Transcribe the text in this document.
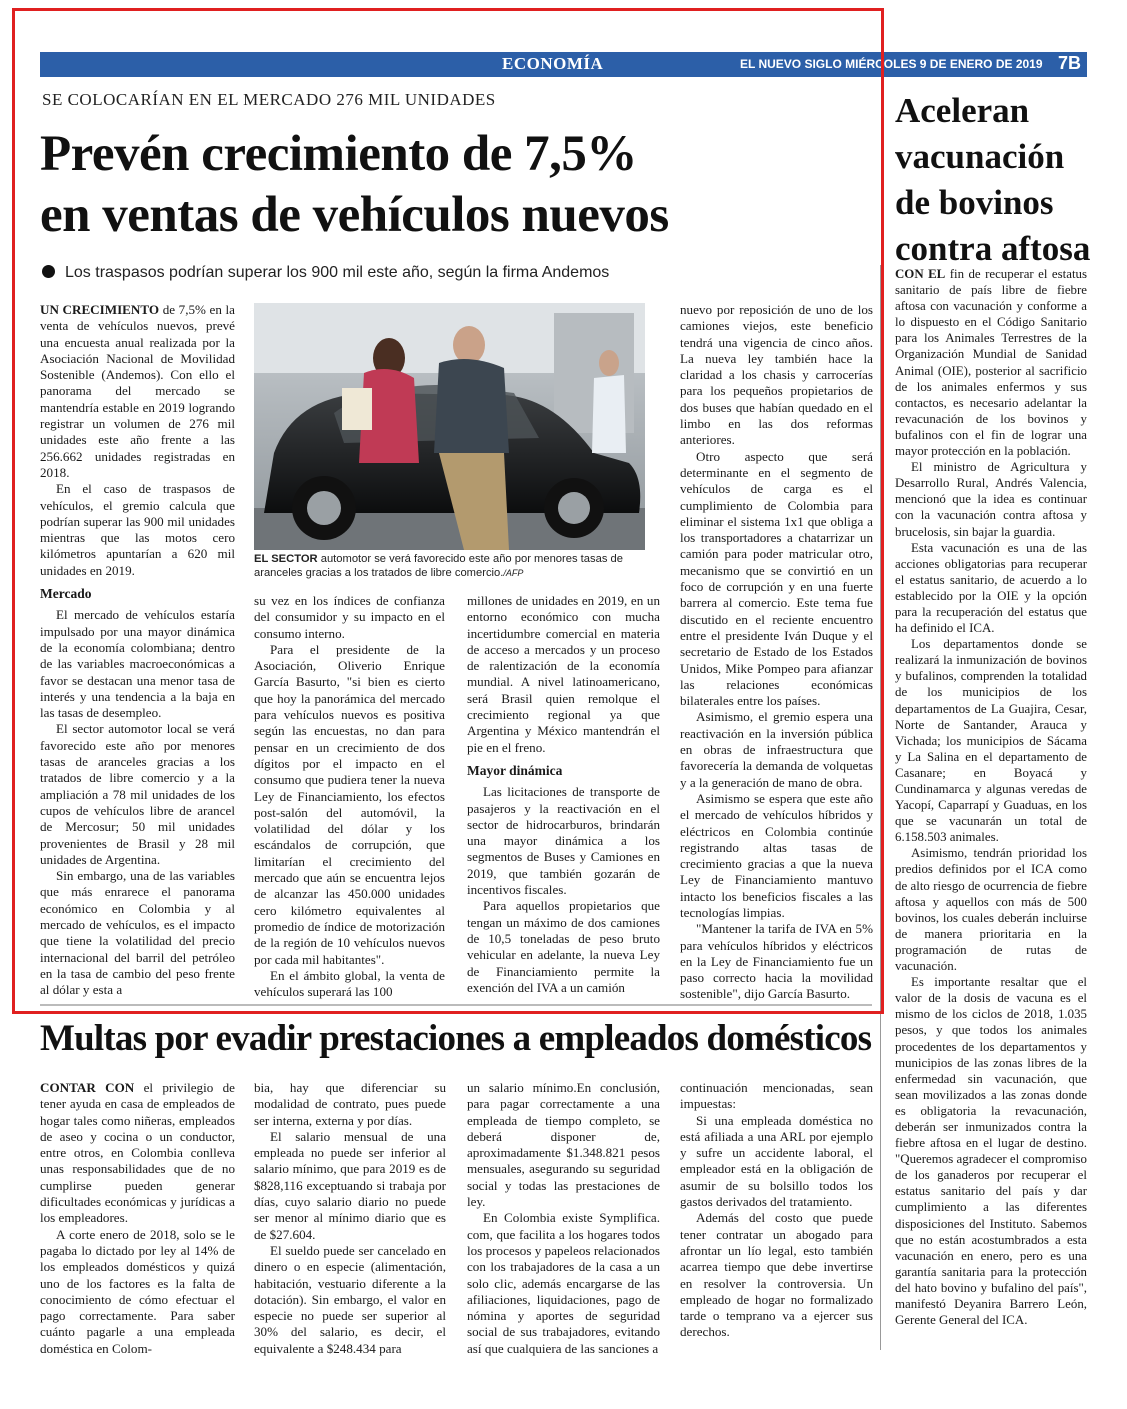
ECONOMÍA	EL NUEVO SIGLO MIÉRCOLES 9 DE ENERO DE 2019 7B
SE COLOCARÍAN EN EL MERCADO 276 MIL UNIDADES
Prevén crecimiento de 7,5%
en ventas de vehículos nuevos
Los traspasos podrían superar los 900 mil este año, según la firma Andemos

UN CRECIMIENTO de 7,5% en la venta de vehículos nuevos, prevé una encuesta anual realizada por la Asociación Nacional de Movilidad Sostenible (Andemos). Con ello el panorama del mercado se mantendría estable en 2019 logrando registrar un volumen de 276 mil unidades este año frente a las 256.662 unidades registradas en 2018.

En el caso de traspasos de vehículos, el gremio calcula que podrían superar las 900 mil unidades mientras que las motos cero kilómetros apuntarían a 620 mil unidades en 2019.

Mercado

El mercado de vehículos estaría impulsado por una mayor dinámica de la economía colombiana; dentro de las variables macroeconómicas a favor se destacan una menor tasa de interés y una tendencia a la baja en las tasas de desempleo.

El sector automotor local se verá favorecido este año por menores tasas de aranceles gracias a los tratados de libre comercio y a la ampliación a 78 mil unidades de los cupos de vehículos libre de arancel de Mercosur; 50 mil unidades provenientes de Brasil y 28 mil unidades de Argentina.

Sin embargo, una de las variables que más enrarece el panorama económico en Colombia y al mercado de vehículos, es el impacto que tiene la volatilidad del precio internacional del barril del petróleo en la tasa de cambio del peso frente al dólar y esta a

EL SECTOR automotor se verá favorecido este año por menores tasas de aranceles gracias a los tratados de libre comercio./AFP

su vez en los índices de confianza del consumidor y su impacto en el consumo interno.

Para el presidente de la Asociación, Oliverio Enrique García Basurto, "si bien es cierto que hoy la panorámica del mercado para vehículos nuevos es positiva según las encuestas, no dan para pensar en un crecimiento de dos dígitos por el impacto en el consumo que pudiera tener la nueva Ley de Financiamiento, los efectos post-salón del automóvil, la volatilidad del dólar y los escándalos de corrupción, que limitarían el crecimiento del mercado que aún se encuentra lejos de alcanzar las 450.000 unidades cero kilómetro equivalentes al promedio de índice de motorización de la región de 10 vehículos nuevos por cada mil habitantes".

En el ámbito global, la venta de vehículos superará las 100

millones de unidades en 2019, en un entorno económico con mucha incertidumbre comercial en materia de acceso a mercados y un proceso de ralentización de la economía mundial. A nivel latinoamericano, será Brasil quien remolque el crecimiento regional ya que Argentina y México mantendrán el pie en el freno.

Mayor dinámica

Las licitaciones de transporte de pasajeros y la reactivación en el sector de hidrocarburos, brindarán una mayor dinámica a los segmentos de Buses y Camiones en 2019, que también gozarán de incentivos fiscales.

Para aquellos propietarios que tengan un máximo de dos camiones de 10,5 toneladas de peso bruto vehicular en adelante, la nueva Ley de Financiamiento permite la exención del IVA a un camión

nuevo por reposición de uno de los camiones viejos, este beneficio tendrá una vigencia de cinco años. La nueva ley también hace la claridad a los chasis y carrocerías para los pequeños propietarios de dos buses que habían quedado en el limbo en las dos reformas anteriores.

Otro aspecto que será determinante en el segmento de vehículos de carga es el cumplimiento de Colombia para eliminar el sistema 1x1 que obliga a los transportadores a chatarrizar un camión para poder matricular otro, mecanismo que se convirtió en un foco de corrupción y en una fuerte barrera al comercio. Este tema fue discutido en el reciente encuentro entre el presidente Iván Duque y el secretario de Estado de los Estados Unidos, Mike Pompeo para afianzar las relaciones económicas bilaterales entre los países.

Asimismo, el gremio espera una reactivación en la inversión pública en obras de infraestructura que favorecería la demanda de volquetas y a la generación de mano de obra.

Asimismo se espera que este año el mercado de vehículos híbridos y eléctricos en Colombia continúe registrando altas tasas de crecimiento gracias a que la nueva Ley de Financiamiento mantuvo intacto los beneficios fiscales a las tecnologías limpias.

"Mantener la tarifa de IVA en 5% para vehículos híbridos y eléctricos en la Ley de Financiamiento fue un paso correcto hacia la movilidad sostenible", dijo García Basurto.

Aceleran vacunación de bovinos contra aftosa

CON EL fin de recuperar el estatus sanitario de país libre de fiebre aftosa con vacunación y conforme a lo dispuesto en el Código Sanitario para los Animales Terrestres de la Organización Mundial de Sanidad Animal (OIE), posterior al sacrificio de los animales enfermos y sus contactos, es necesario adelantar la revacunación de los bovinos y bufalinos con el fin de lograr una mayor protección en la población.

El ministro de Agricultura y Desarrollo Rural, Andrés Valencia, mencionó que la idea es continuar con la vacunación contra aftosa y brucelosis, sin bajar la guardia.

Esta vacunación es una de las acciones obligatorias para recuperar el estatus sanitario, de acuerdo a lo establecido por la OIE y la opción para la recuperación del estatus que ha definido el ICA.

Los departamentos donde se realizará la inmunización de bovinos y bufalinos, comprenden la totalidad de los municipios de los departamentos de La Guajira, Cesar, Norte de Santander, Arauca y Vichada; los municipios de Sácama y La Salina en el departamento de Casanare; en Boyacá y Cundinamarca y algunas veredas de Yacopí, Caparrapí y Guaduas, en los que se vacunarán un total de 6.158.503 animales.

Asimismo, tendrán prioridad los predios definidos por el ICA como de alto riesgo de ocurrencia de fiebre aftosa y aquellos con más de 500 bovinos, los cuales deberán incluirse de manera prioritaria en la programación de rutas de vacunación.

Es importante resaltar que el valor de la dosis de vacuna es el mismo de los ciclos de 2018, 1.035 pesos, y que todos los animales procedentes de los departamentos y municipios de las zonas libres de la enfermedad sin vacunación, que sean movilizados a las zonas donde es obligatoria la revacunación, deberán ser inmunizados contra la fiebre aftosa en el lugar de destino. "Queremos agradecer el compromiso de los ganaderos por recuperar el estatus sanitario del país y dar cumplimiento a las diferentes disposiciones del Instituto. Sabemos que no están acostumbrados a esta vacunación en enero, pero es una garantía sanitaria para la protección del hato bovino y bufalino del país", manifestó Deyanira Barrero León, Gerente General del ICA.

Multas por evadir prestaciones a empleados domésticos

CONTAR CON el privilegio de tener ayuda en casa de empleados de hogar tales como niñeras, empleados de aseo y cocina o un conductor, entre otros, en Colombia conlleva unas responsabilidades que de no cumplirse pueden generar dificultades económicas y jurídicas a los empleadores.

A corte enero de 2018, solo se le pagaba lo dictado por ley al 14% de los empleados domésticos y quizá uno de los factores es la falta de conocimiento de cómo efectuar el pago correctamente. Para saber cuánto pagarle a una empleada doméstica en Colom-

bia, hay que diferenciar su modalidad de contrato, pues puede ser interna, externa y por días.

El salario mensual de una empleada no puede ser inferior al salario mínimo, que para 2019 es de $828,116 exceptuando si trabaja por días, cuyo salario diario no puede ser menor al mínimo diario que es de $27.604.

El sueldo puede ser cancelado en dinero o en especie (alimentación, habitación, vestuario diferente a la dotación). Sin embargo, el valor en especie no puede ser superior al 30% del salario, es decir, el equivalente a $248.434 para

un salario mínimo.En conclusión, para pagar correctamente a una empleada de tiempo completo, se deberá disponer de, aproximadamente $1.348.821 pesos mensuales, asegurando su seguridad social y todas las prestaciones de ley.

En Colombia existe Symplifica. com, que facilita a los hogares todos los procesos y papeleos relacionados con los trabajadores de la casa a un solo clic, además encargarse de las afiliaciones, liquidaciones, pago de nómina y aportes de seguridad social de sus trabajadores, evitando así que cualquiera de las sanciones a

continuación mencionadas, sean impuestas:

Si una empleada doméstica no está afiliada a una ARL por ejemplo y sufre un accidente laboral, el empleador está en la obligación de asumir de su bolsillo todos los gastos derivados del tratamiento.

Además del costo que puede tener contratar un abogado para afrontar un lío legal, esto también acarrea tiempo que debe invertirse en resolver la controversia. Un empleado de hogar no formalizado tarde o temprano va a ejercer sus derechos.
